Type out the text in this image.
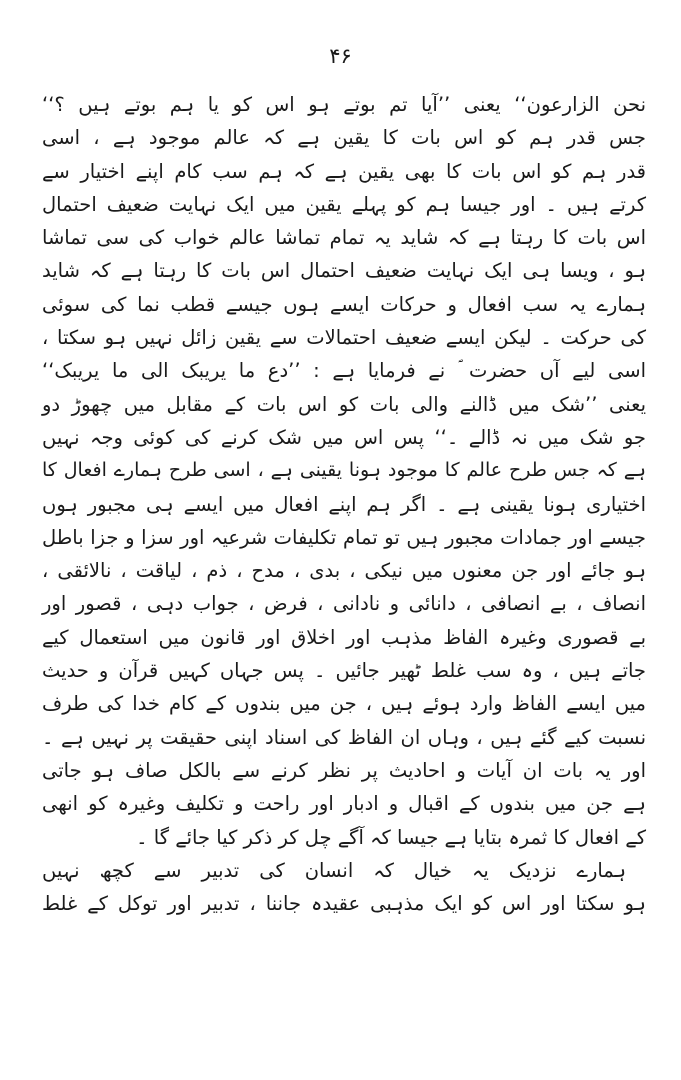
۴۶
نحن الزارعون‘‘ یعنی ’’آیا تم بوتے ہو اس کو یا ہم بوتے ہیں ؟‘‘
جس قدر ہم کو اس بات کا یقین ہے کہ عالم موجود ہے ، اسی
قدر ہم کو اس بات کا بھی یقین ہے کہ ہم سب کام اپنے اختیار سے
کرتے ہیں ۔ اور جیسا ہم کو پہلے یقین میں ایک نہایت ضعیف احتمال
اس بات کا رہتا ہے کہ شاید یہ تمام تماشا عالم خواب کی سی تماشا
ہو ، ویسا ہی ایک نہایت ضعیف احتمال اس بات کا رہتا ہے کہ شاید
ہمارے یہ سب افعال و حرکات ایسے ہوں جیسے قطب نما کی سوئی
کی حرکت ۔ لیکن ایسے ضعیف احتمالات سے یقین زائل نہیں ہو سکتا ،
اسی لیے آں حضرت ؐ نے فرمایا ہے : ’’دع ما یریبک الی ما یریبک‘‘
یعنی ’’شک میں ڈالنے والی بات کو اس بات کے مقابل میں چھوڑ دو
جو شک میں نہ ڈالے ۔‘‘ پس اس میں شک کرنے کی کوئی وجہ نہیں
ہے کہ جس طرح عالم کا موجود ہونا یقینی ہے ، اسی طرح ہمارے افعال کا
اختیاری ہونا یقینی ہے ۔ اگر ہم اپنے افعال میں ایسے ہی مجبور ہوں
جیسے اور جمادات مجبور ہیں تو تمام تکلیفات شرعیہ اور سزا و جزا باطل
ہو جائے اور جن معنوں میں نیکی ، بدی ، مدح ، ذم ، لیاقت ، نالائقی ،
انصاف ، بے انصافی ، دانائی و نادانی ، فرض ، جواب دہی ، قصور اور
بے قصوری وغیرہ الفاظ مذہب اور اخلاق اور قانون میں استعمال کیے
جاتے ہیں ، وہ سب غلط ٹھیر جائیں ۔ پس جہاں کہیں قرآن و حدیث
میں ایسے الفاظ وارد ہوئے ہیں ، جن میں بندوں کے کام خدا کی طرف
نسبت کیے گئے ہیں ، وہاں ان الفاظ کی اسناد اپنی حقیقت پر نہیں ہے ۔
اور یہ بات ان آیات و احادیث پر نظر کرنے سے بالکل صاف ہو جاتی
ہے جن میں بندوں کے اقبال و ادبار اور راحت و تکلیف وغیرہ کو انھی
کے افعال کا ثمرہ بتایا ہے جیسا کہ آگے چل کر ذکر کیا جائے گا ۔
ہمارے نزدیک یہ خیال کہ انسان کی تدبیر سے کچھ نہیں
ہو سکتا اور اس کو ایک مذہبی عقیدہ جاننا ، تدبیر اور توکل کے غلط
